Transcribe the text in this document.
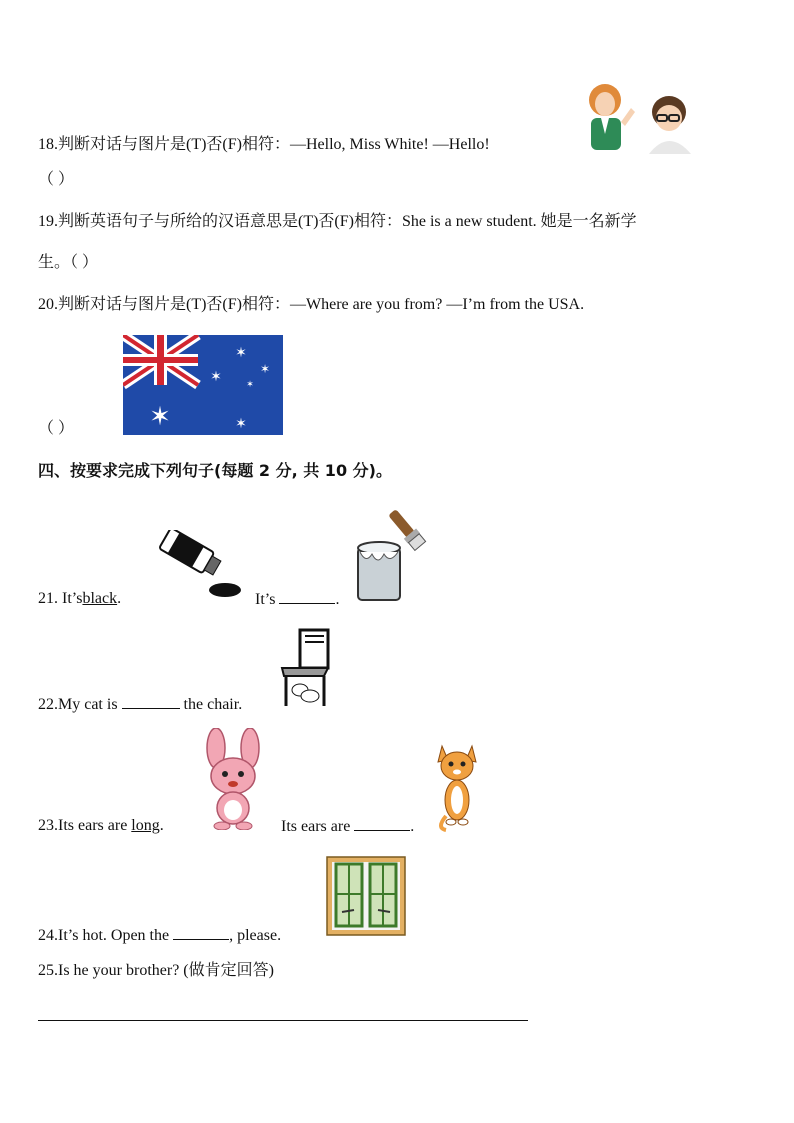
18.判断对话与图片是(T)否(F)相符：—Hello, Miss White! —Hello!
（ ）
19.判断英语句子与所给的汉语意思是(T)否(F)相符：She is a new student. 她是一名新学
生。（ ）
20.判断对话与图片是(T)否(F)相符：—Where are you from? —I’m from the USA.
✶
✶
✶	✶
✶
✶
（ ）
四、按要求完成下列句子(每题 2 分, 共 10 分)。
21. It’sblack.	It’s	.
22.My cat is	the chair.
23.Its ears are long.	Its ears are	.
24.It’s hot. Open the	, please.
25.Is he your brother? (做肯定回答)
